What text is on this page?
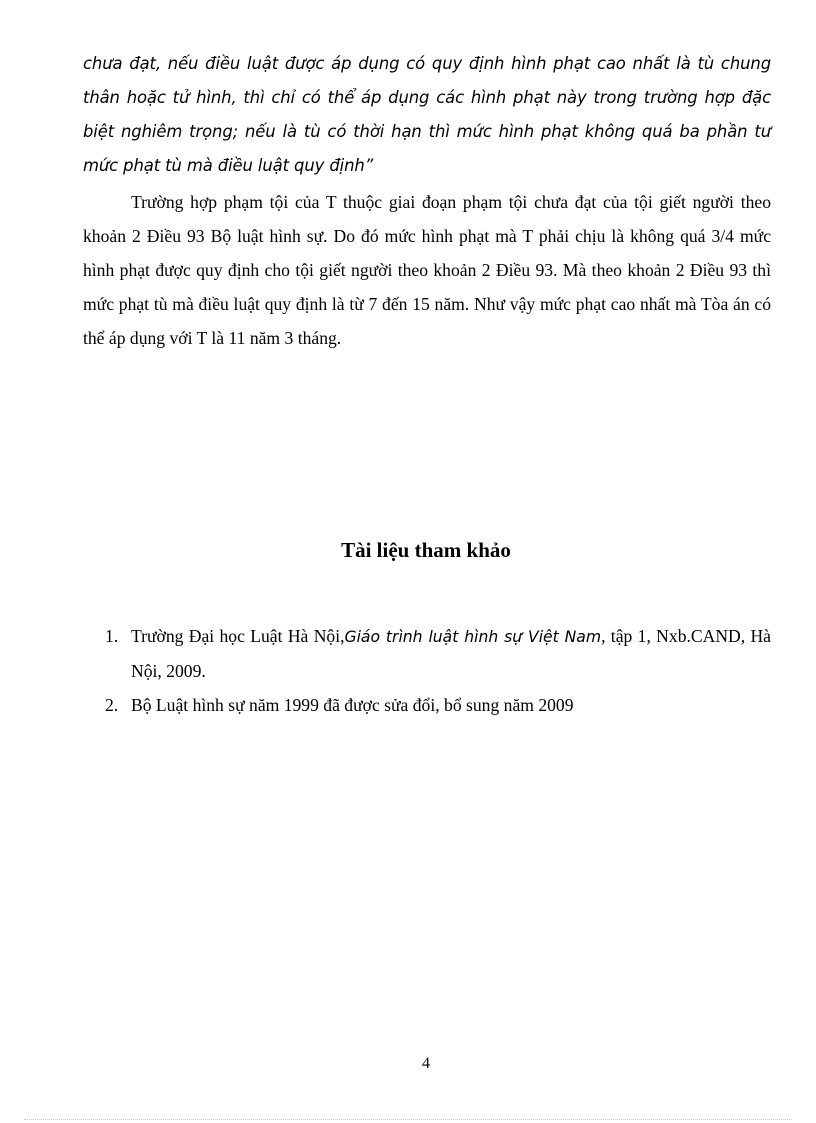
chưa đạt, nếu điều luật được áp dụng có quy định hình phạt cao nhất là tù chung thân hoặc tử hình, thì chỉ có thể áp dụng các hình phạt này trong trường hợp đặc biệt nghiêm trọng; nếu là tù có thời hạn thì mức hình phạt không quá ba phần tư mức phạt tù mà điều luật quy định”

Trường hợp phạm tội của T thuộc giai đoạn phạm tội chưa đạt của tội giết người theo khoản 2 Điều 93 Bộ luật hình sự. Do đó mức hình phạt mà T phải chịu là không quá 3/4 mức hình phạt được quy định cho tội giết người theo khoản 2 Điều 93. Mà theo khoản 2 Điều 93 thì mức phạt tù mà điều luật quy định là từ 7 đến 15 năm. Như vậy mức phạt cao nhất mà Tòa án có thể áp dụng với T là 11 năm 3 tháng.

Tài liệu tham khảo
1. Trường Đại học Luật Hà Nội,Giáo trình luật hình sự Việt Nam, tập 1, Nxb.CAND, Hà Nội, 2009.
2. Bộ Luật hình sự năm 1999 đã được sửa đổi, bổ sung năm 2009
4
